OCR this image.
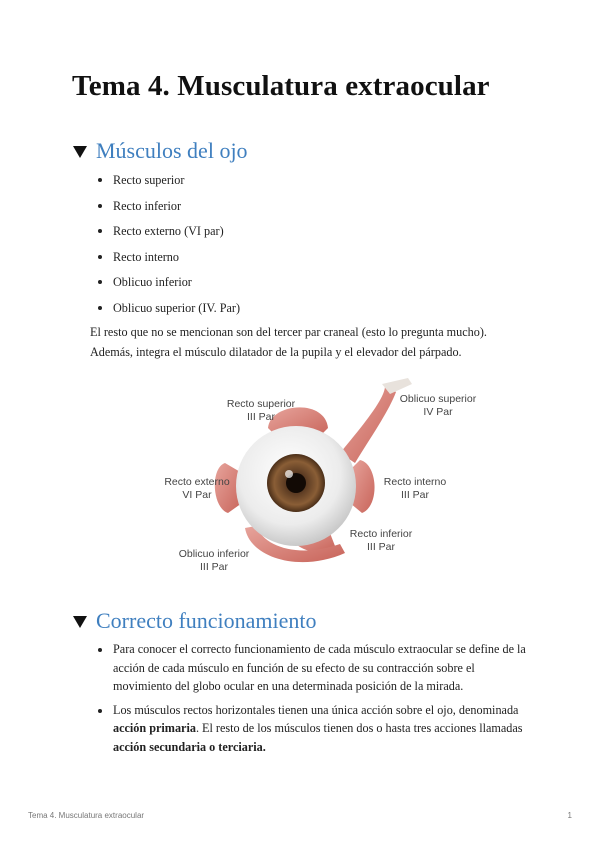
Tema 4. Musculatura extraocular
Músculos del ojo
Recto superior
Recto inferior
Recto externo (VI par)
Recto interno
Oblicuo inferior
Oblicuo superior (IV. Par)

El resto que no se mencionan son del tercer par craneal (esto lo pregunta mucho).
Además, integra el músculo dilatador de la pupila y el elevador del párpado.

Recto superior
III Par
Oblicuo superior
IV Par
Recto externo
VI Par
Recto interno
III Par
Recto inferior
III Par
Oblicuo inferior
III Par
Correcto funcionamiento
Para conocer el correcto funcionamiento de cada músculo extraocular se define de la acción de cada músculo en función de su efecto de su contracción sobre el movimiento del globo ocular en una determinada posición de la mirada.
Los músculos rectos horizontales tienen una única acción sobre el ojo, denominada acción primaria. El resto de los músculos tienen dos o hasta tres acciones llamadas acción secundaria o terciaria.
Tema 4. Musculatura extraocular	1
